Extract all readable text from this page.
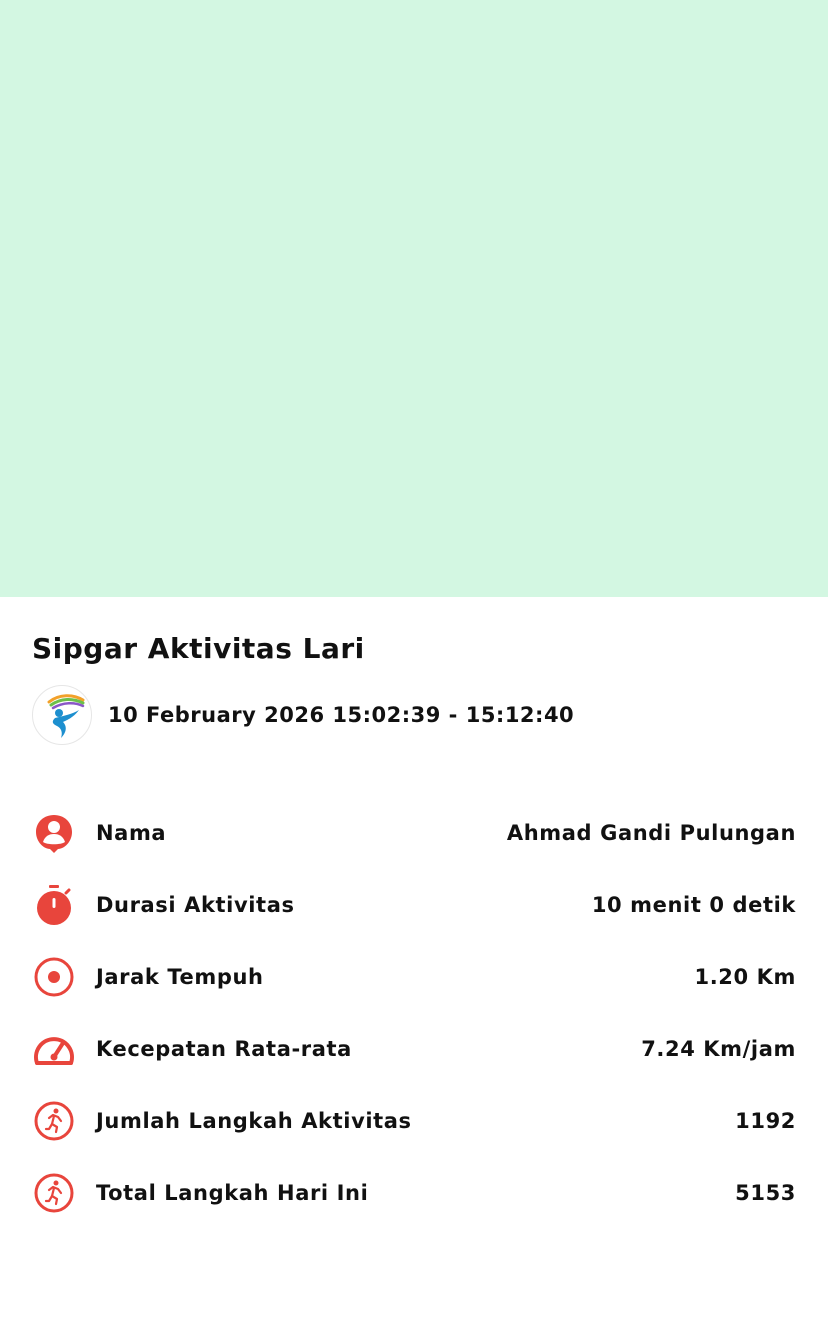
Sipgar Aktivitas Lari
10 February 2026 15:02:39 - 15:12:40
Nama	Ahmad Gandi Pulungan
Durasi Aktivitas	10 menit 0 detik
Jarak Tempuh	1.20 Km
Kecepatan Rata-rata	7.24 Km/jam
Jumlah Langkah Aktivitas	1192
Total Langkah Hari Ini	5153
